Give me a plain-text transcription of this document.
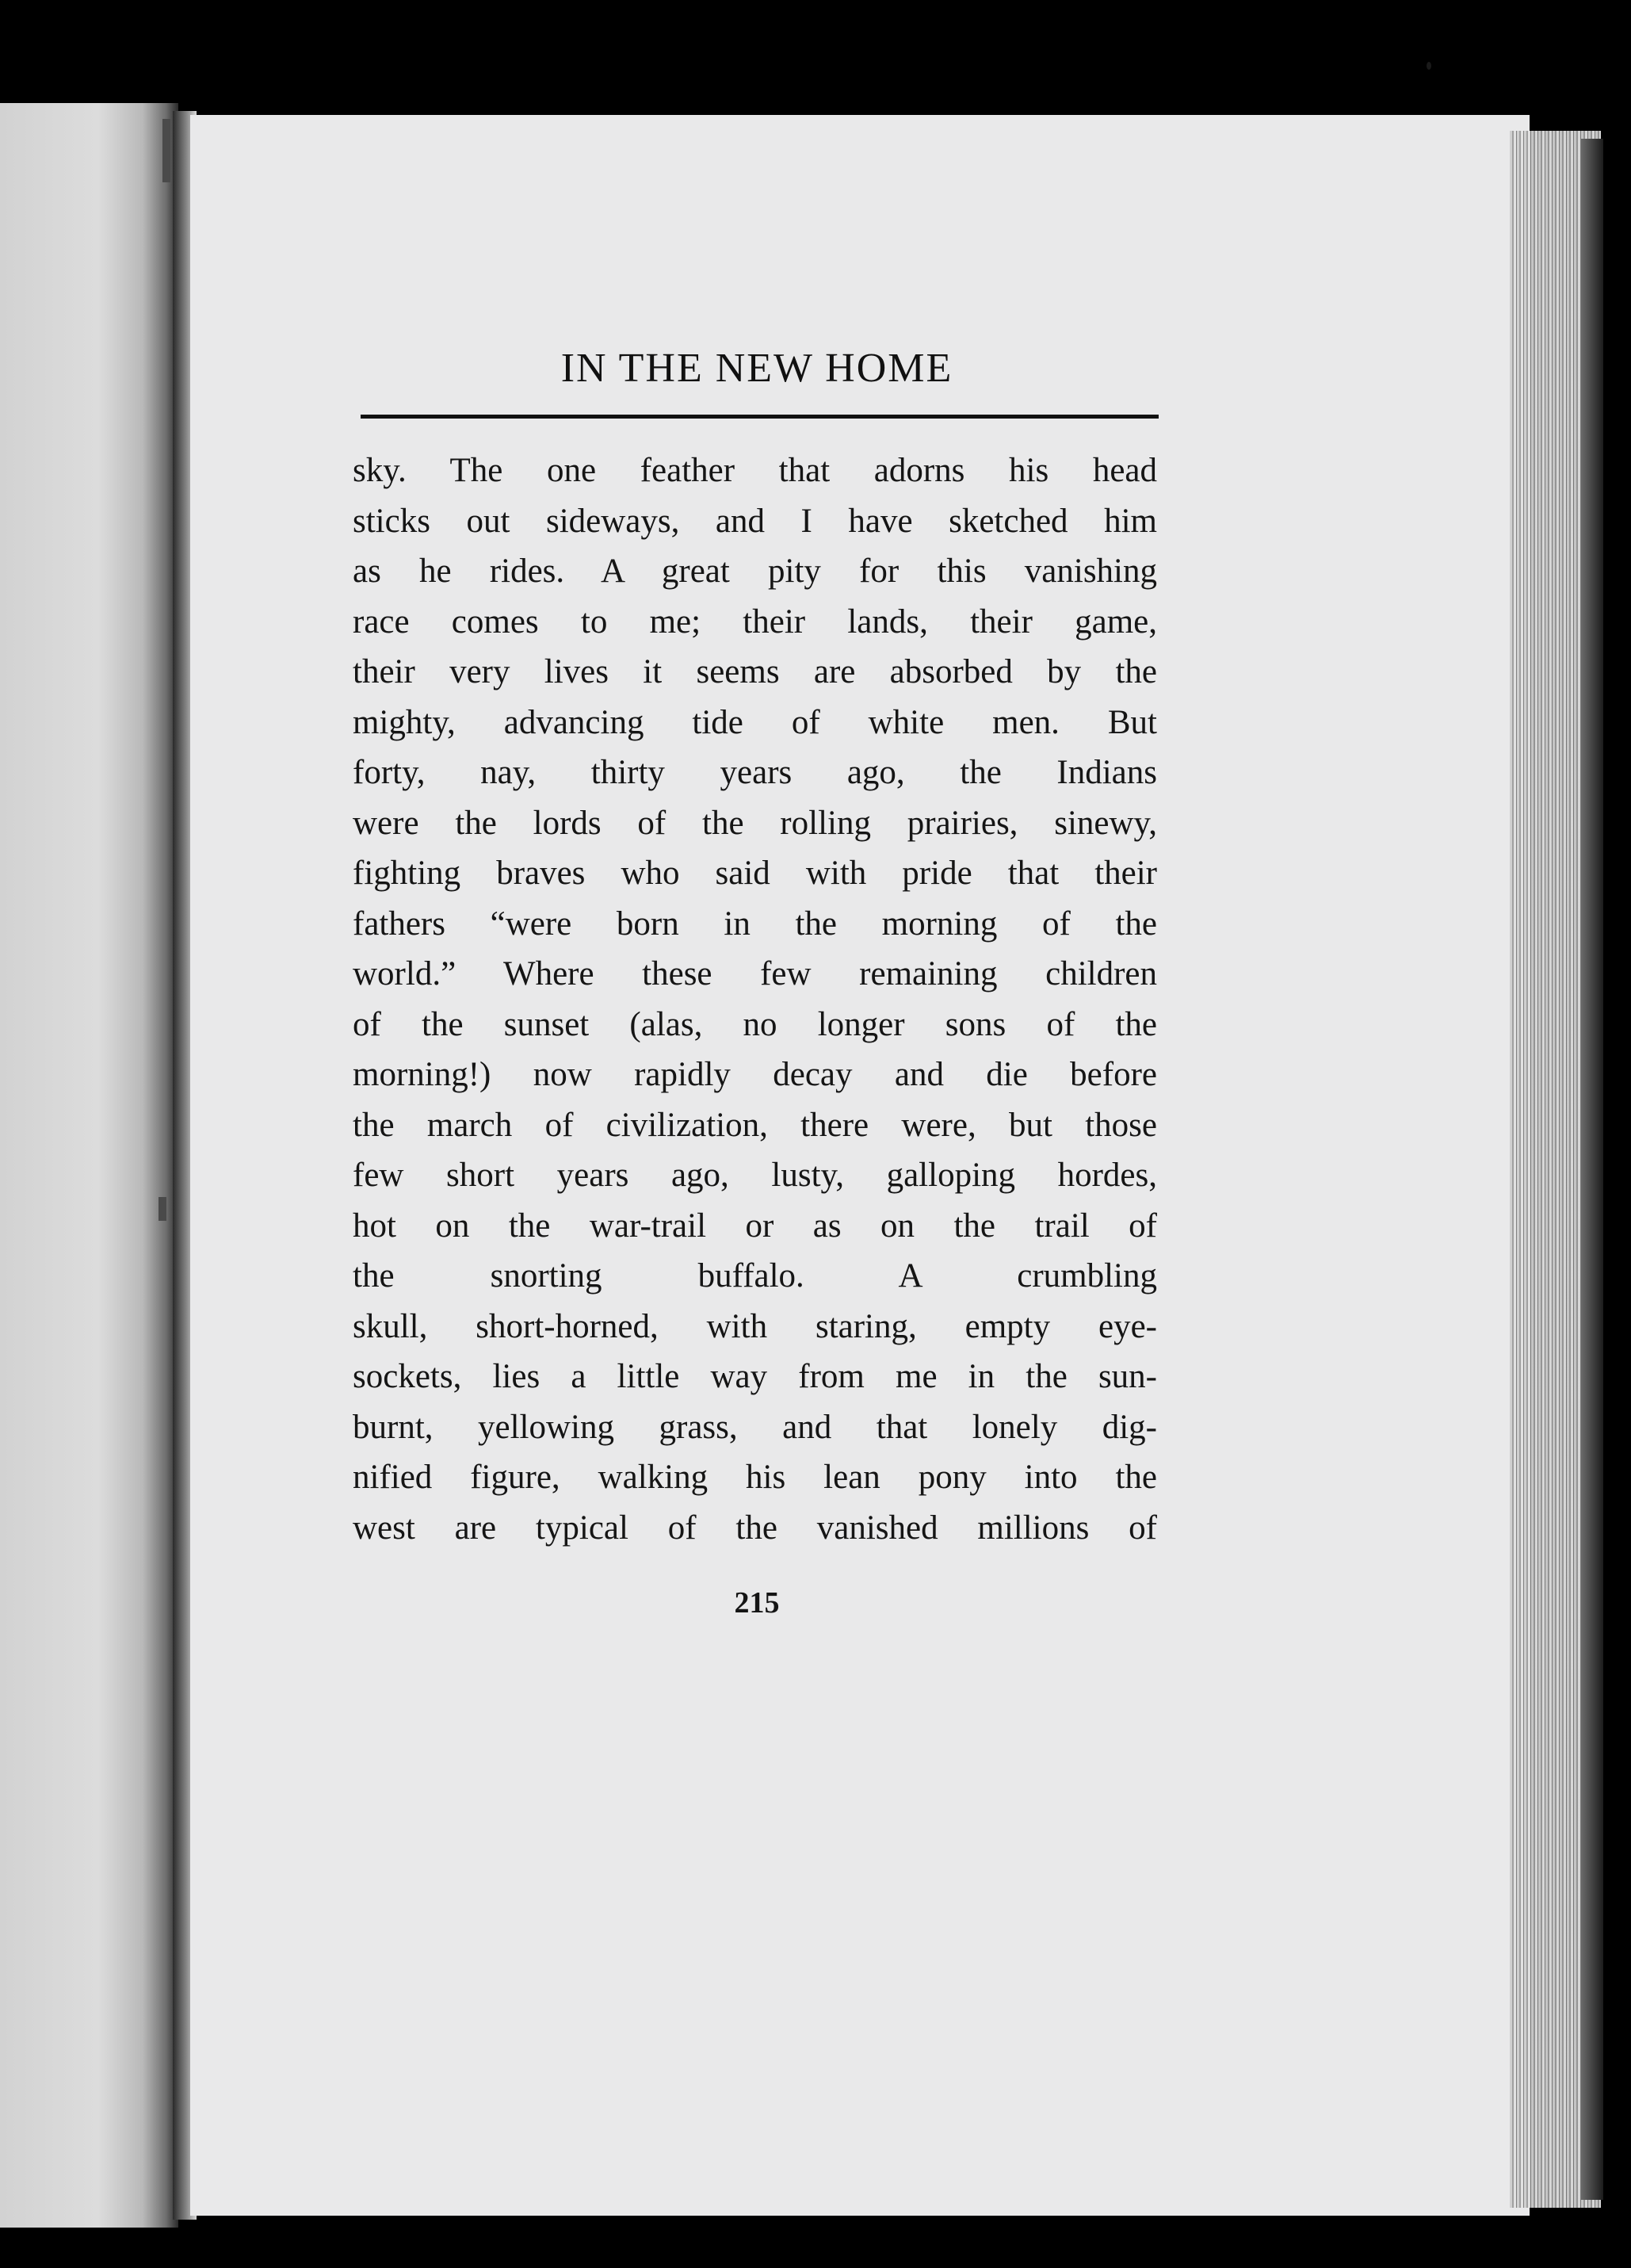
IN THE NEW HOME
sky. The one feather that adorns his head
sticks out sideways, and I have sketched him
as he rides. A great pity for this vanishing
race comes to me; their lands, their game,
their very lives it seems are absorbed by the
mighty, advancing tide of white men. But
forty, nay, thirty years ago, the Indians
were the lords of the rolling prairies, sinewy,
fighting braves who said with pride that their
fathers “were born in the morning of the
world.” Where these few remaining children
of the sunset (alas, no longer sons of the
morning!) now rapidly decay and die before
the march of civilization, there were, but those
few short years ago, lusty, galloping hordes,
hot on the war-trail or as on the trail of
the snorting buffalo. A crumbling
skull, short-horned, with staring, empty eye-
sockets, lies a little way from me in the sun-
burnt, yellowing grass, and that lonely dig-
nified figure, walking his lean pony into the
west are typical of the vanished millions of
215
